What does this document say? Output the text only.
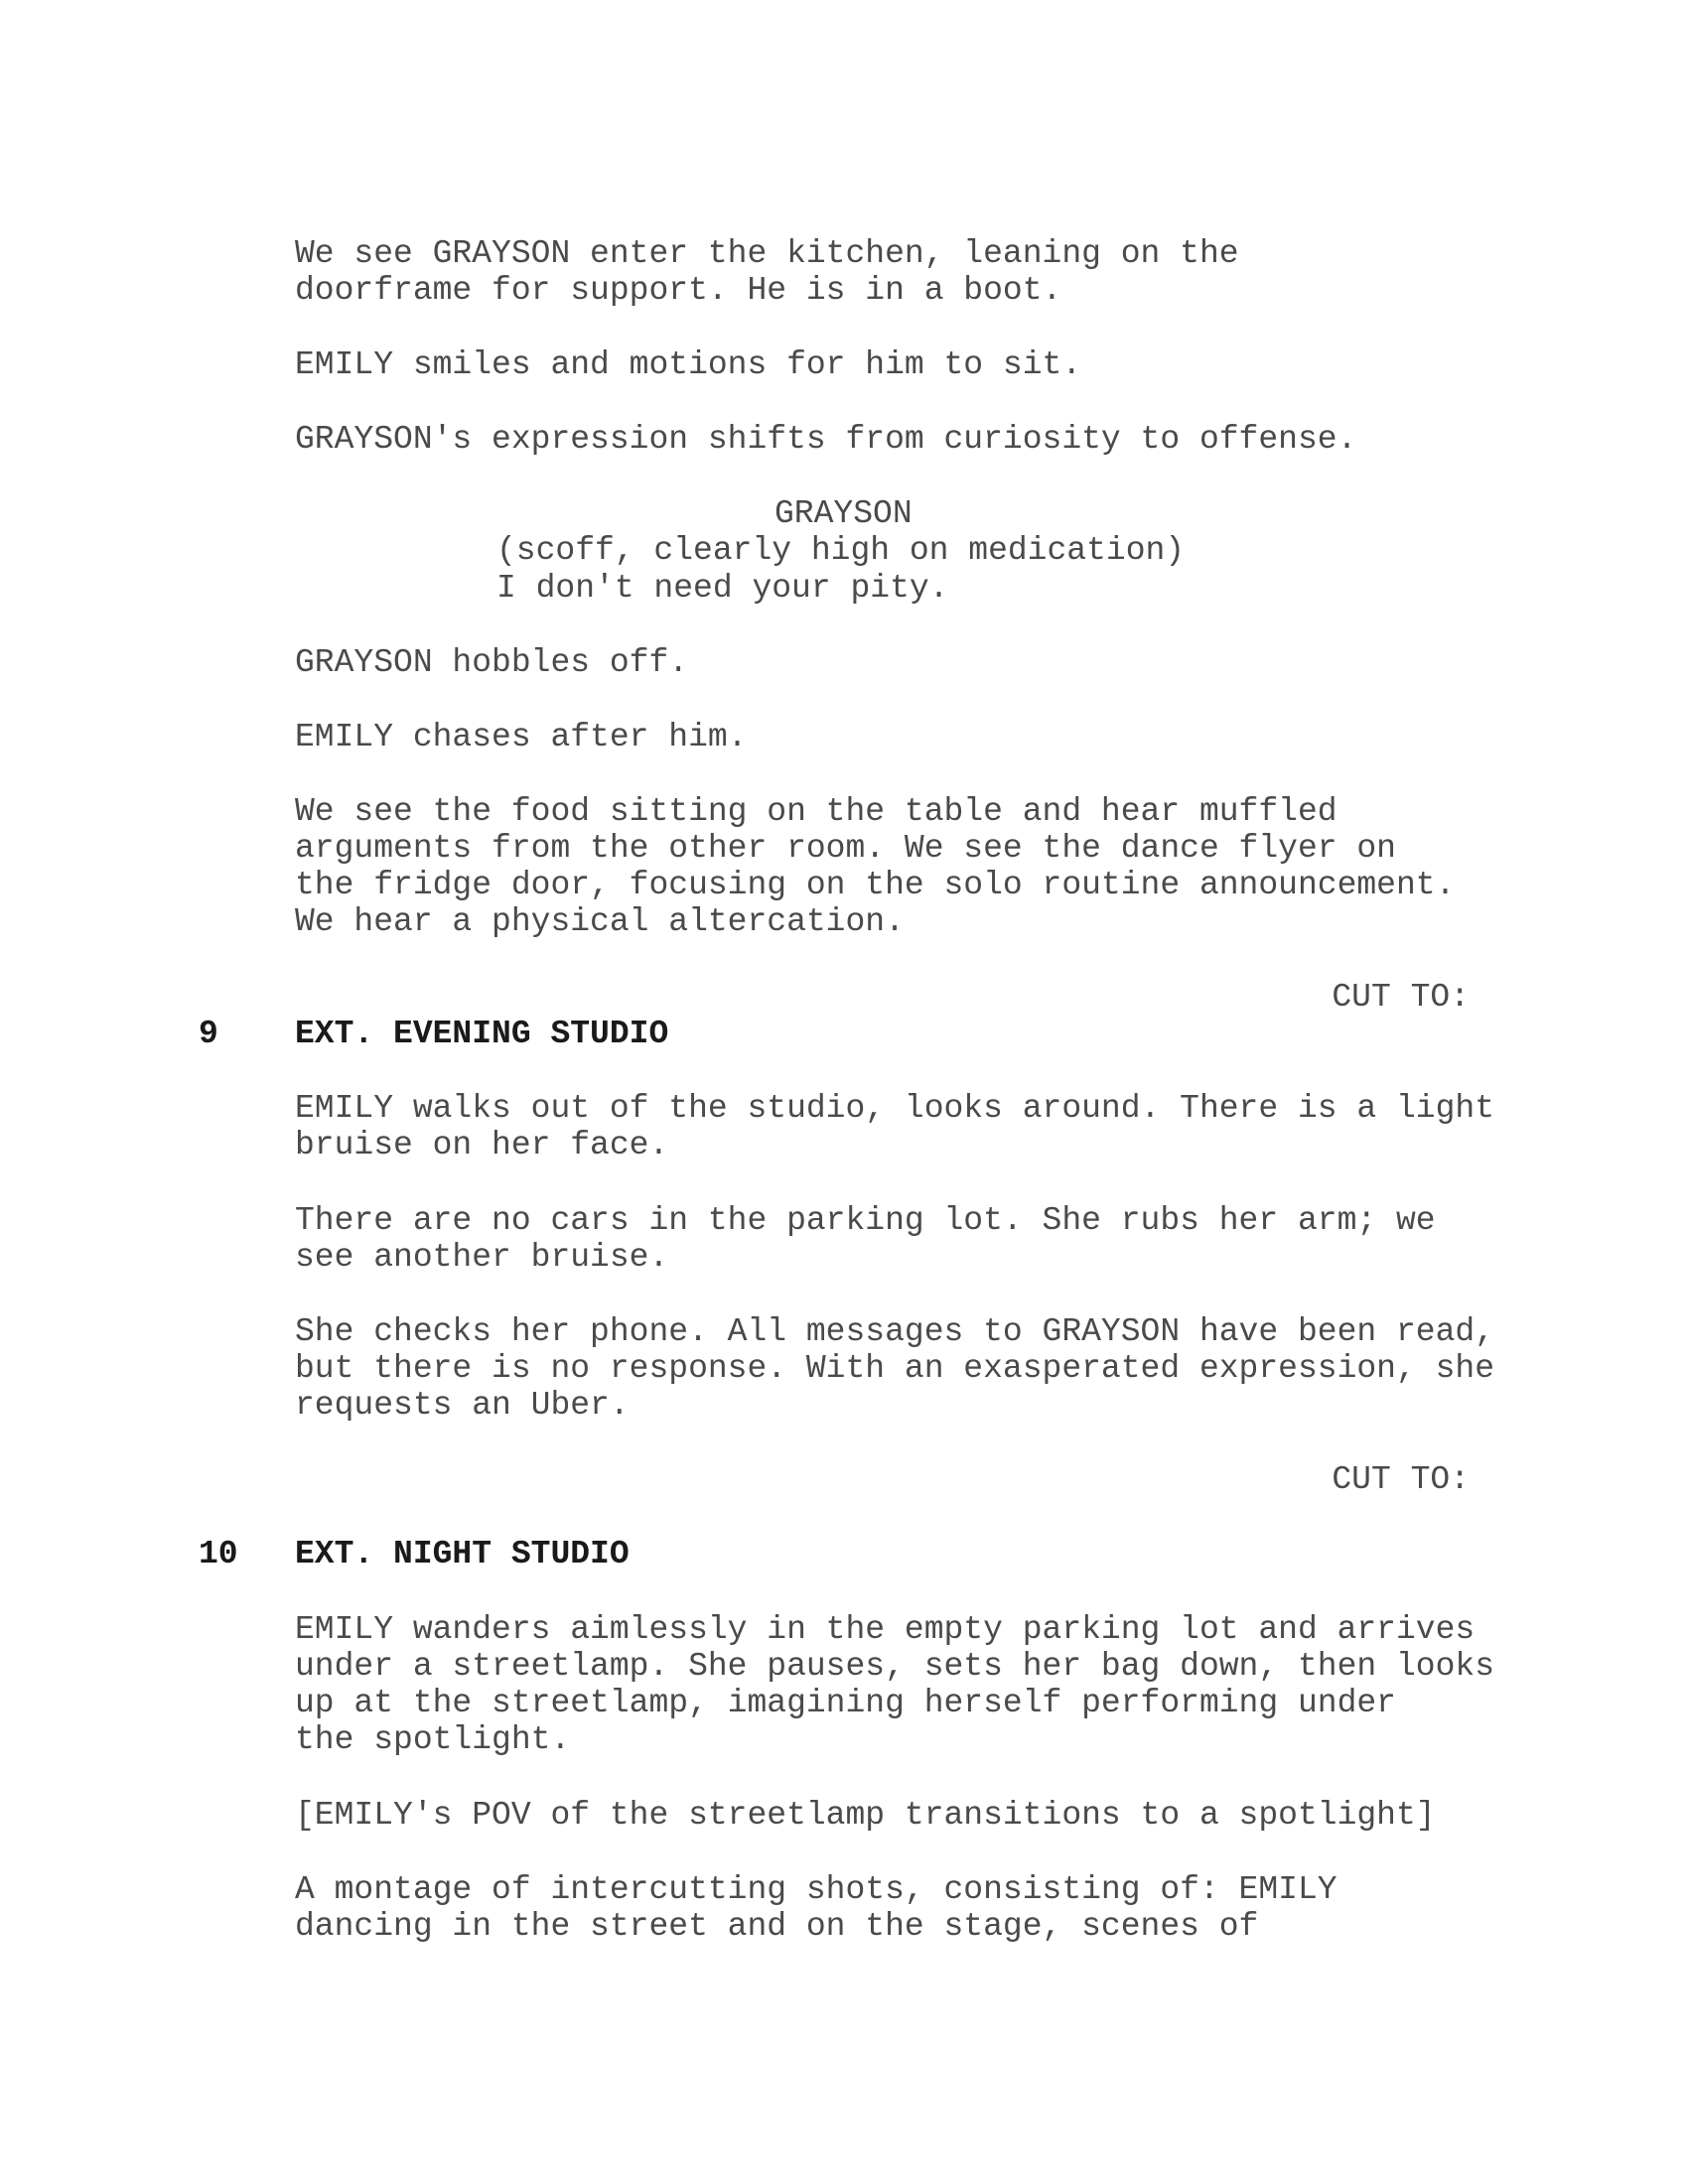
We see GRAYSON enter the kitchen, leaning on the
doorframe for support. He is in a boot.
EMILY smiles and motions for him to sit.
GRAYSON's expression shifts from curiosity to offense.
GRAYSON
(scoff, clearly high on medication)
I don't need your pity.
GRAYSON hobbles off.
EMILY chases after him.
We see the food sitting on the table and hear muffled
arguments from the other room. We see the dance flyer on
the fridge door, focusing on the solo routine announcement.
We hear a physical altercation.
CUT TO:
9 EXT. EVENING STUDIO
EMILY walks out of the studio, looks around. There is a light
bruise on her face.
There are no cars in the parking lot. She rubs her arm; we
see another bruise.
She checks her phone. All messages to GRAYSON have been read,
but there is no response. With an exasperated expression, she
requests an Uber.
CUT TO:
10 EXT. NIGHT STUDIO
EMILY wanders aimlessly in the empty parking lot and arrives
under a streetlamp. She pauses, sets her bag down, then looks
up at the streetlamp, imagining herself performing under
the spotlight.
[EMILY's POV of the streetlamp transitions to a spotlight]
A montage of intercutting shots, consisting of: EMILY
dancing in the street and on the stage, scenes of
